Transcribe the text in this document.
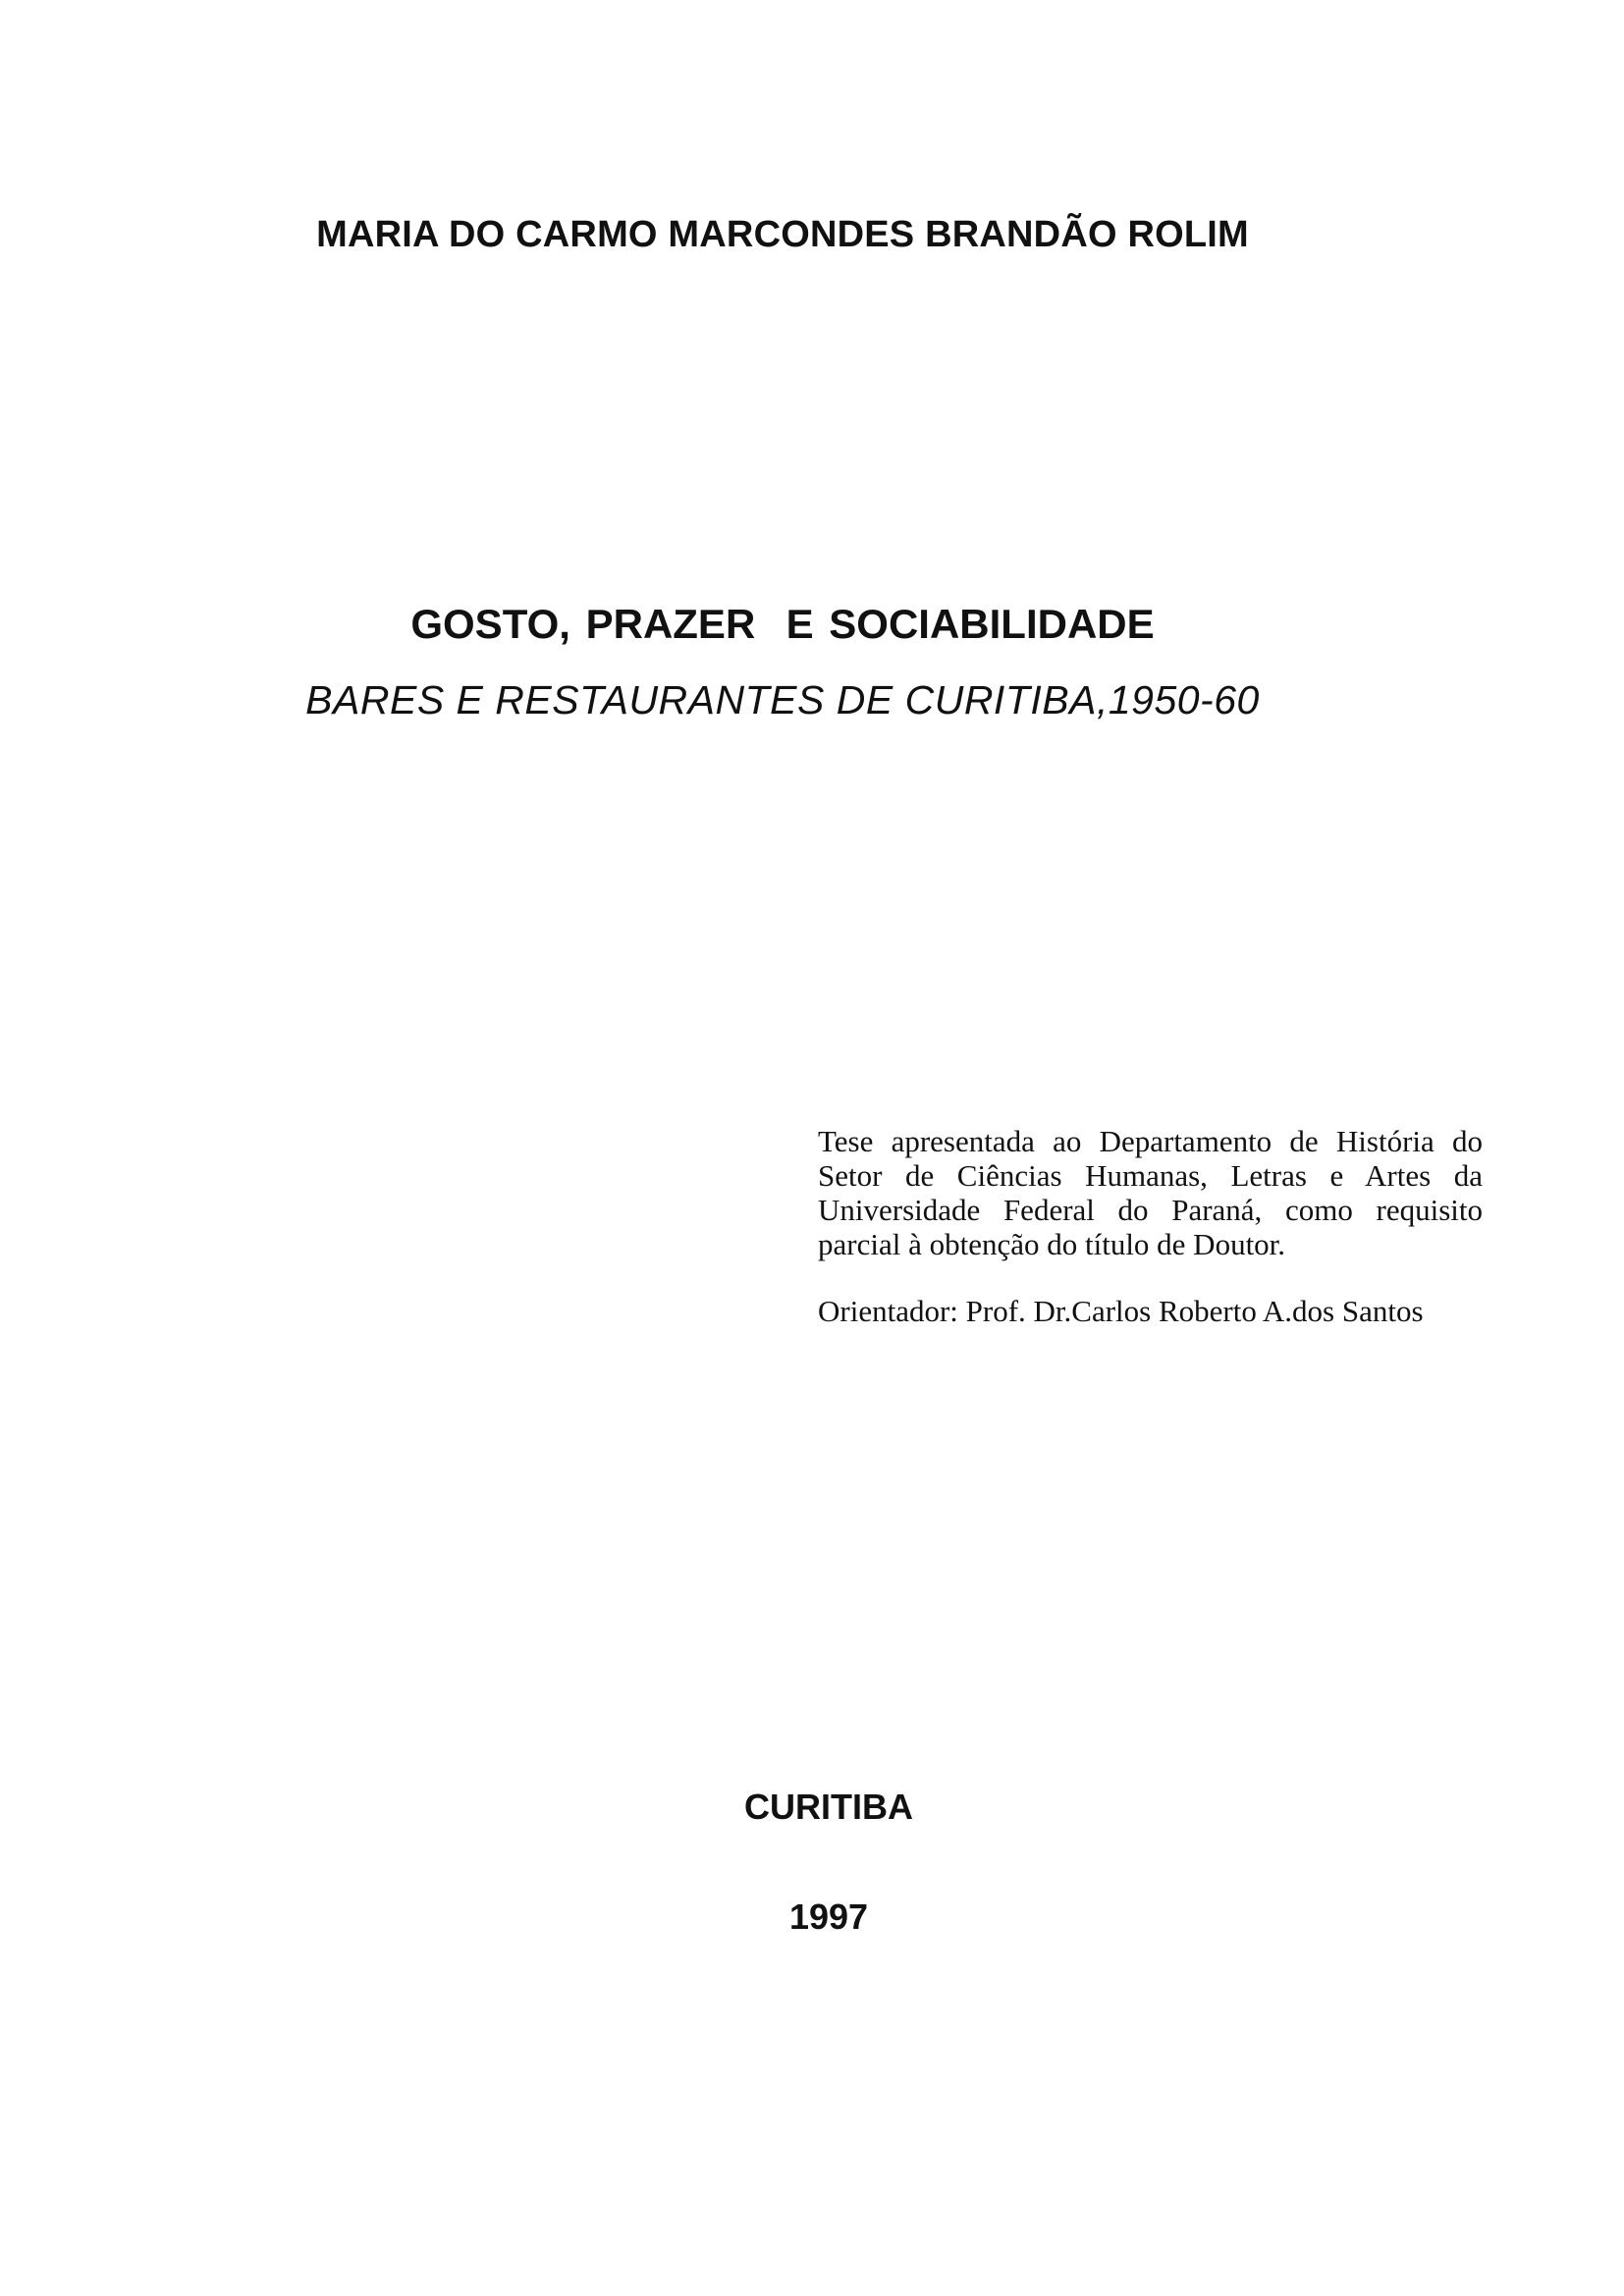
MARIA DO CARMO MARCONDES BRANDÃO ROLIM
GOSTO, PRAZER  E SOCIABILIDADE
BARES E RESTAURANTES DE CURITIBA,1950-60
Tese apresentada ao Departamento de História do Setor de Ciências Humanas, Letras e Artes da Universidade Federal do Paraná, como requisito parcial à obtenção do título de Doutor.
Orientador: Prof. Dr.Carlos Roberto A.dos Santos
CURITIBA
1997
